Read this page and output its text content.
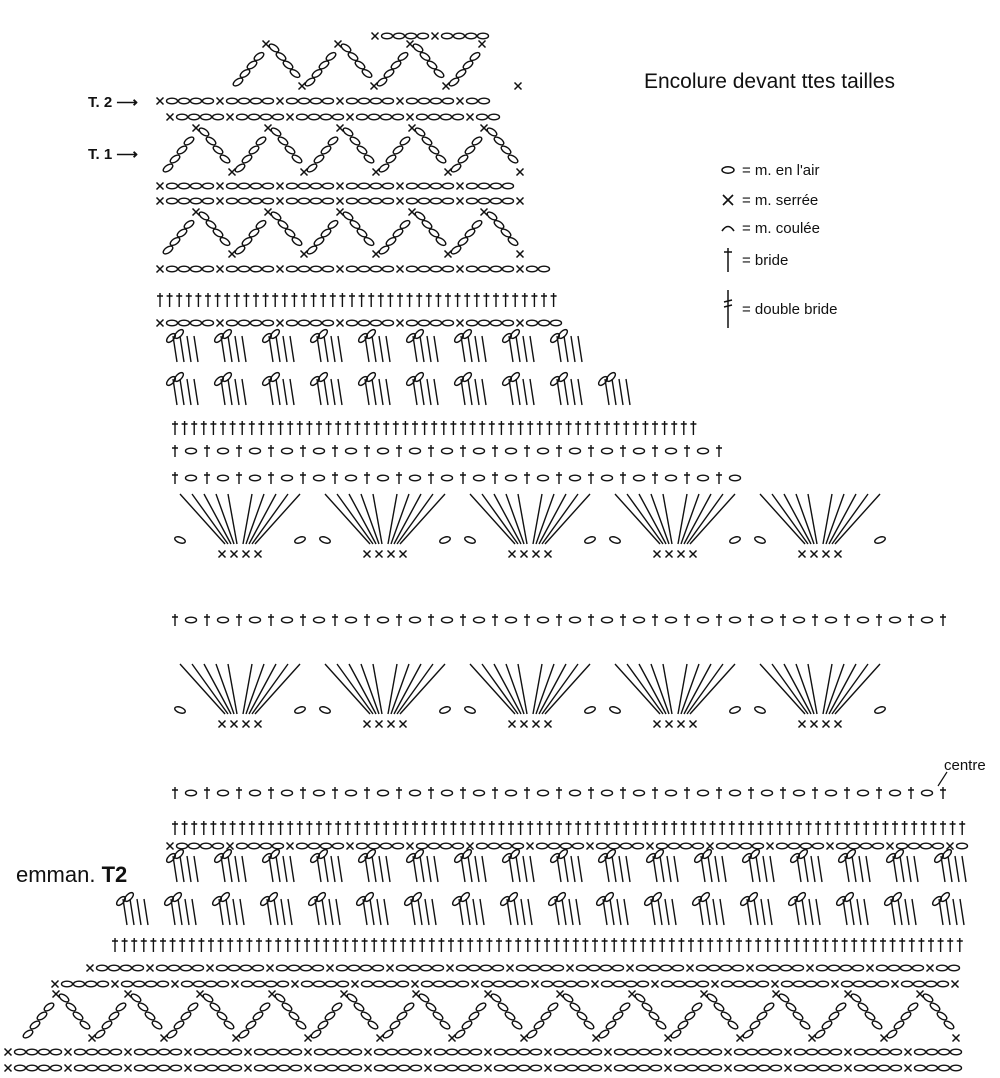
Encolure devant ttes tailles
T. 2 ⟶
T. 1 ⟶
emman. T2
centre
= m. en l'air
= m. serrée
= m. coulée
= bride
= double bride
